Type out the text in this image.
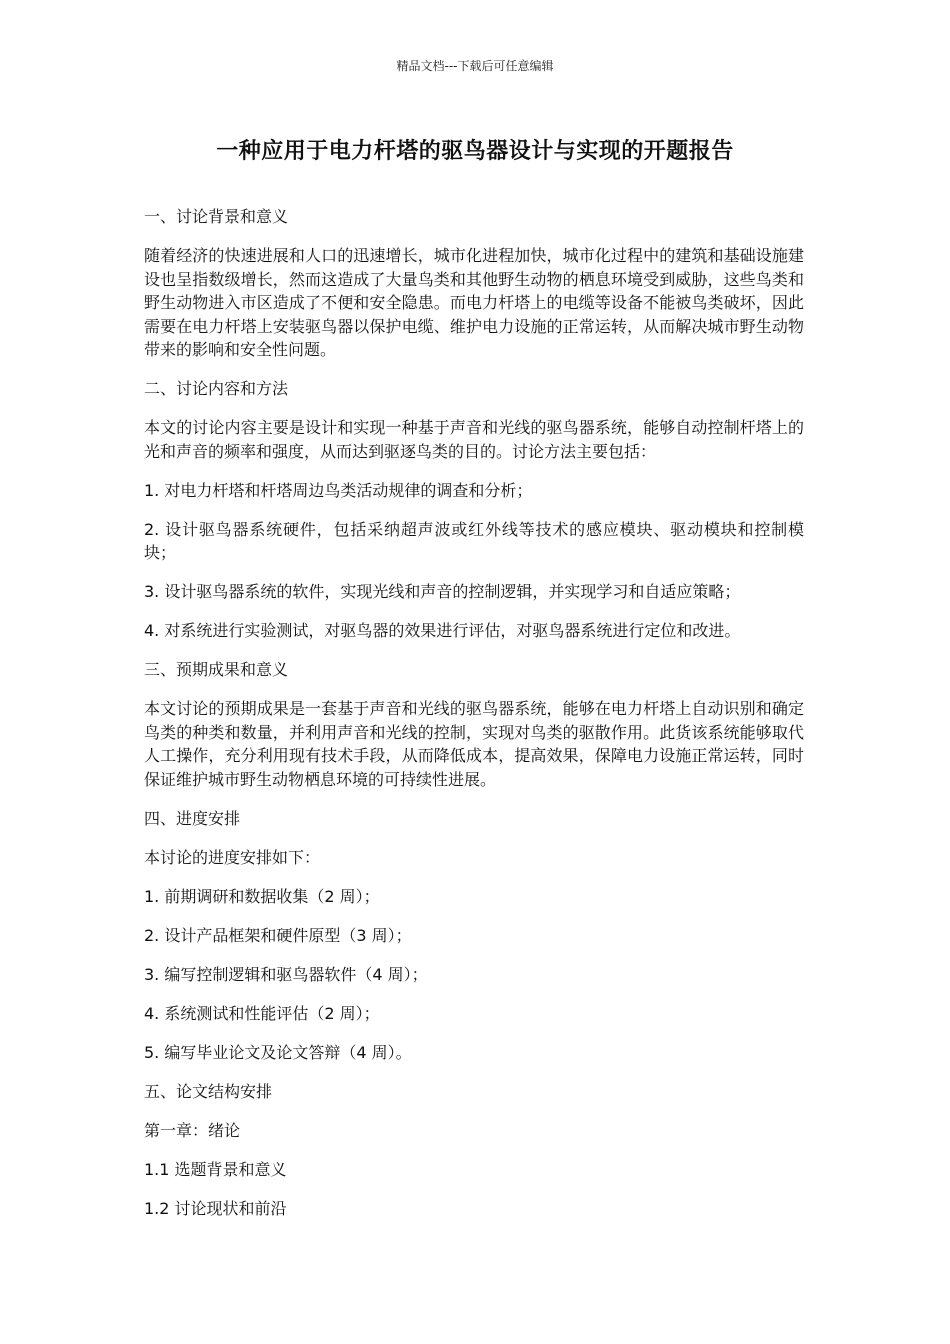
精品文档---下载后可任意编辑
一种应用于电力杆塔的驱鸟器设计与实现的开题报告

一、讨论背景和意义

随着经济的快速进展和人口的迅速增长，城市化进程加快，城市化过程中的建筑和基础设施建设也呈指数级增长，然而这造成了大量鸟类和其他野生动物的栖息环境受到威胁，这些鸟类和野生动物进入市区造成了不便和安全隐患。而电力杆塔上的电缆等设备不能被鸟类破坏，因此需要在电力杆塔上安装驱鸟器以保护电缆、维护电力设施的正常运转，从而解决城市野生动物带来的影响和安全性问题。

二、讨论内容和方法

本文的讨论内容主要是设计和实现一种基于声音和光线的驱鸟器系统，能够自动控制杆塔上的光和声音的频率和强度，从而达到驱逐鸟类的目的。讨论方法主要包括：

1. 对电力杆塔和杆塔周边鸟类活动规律的调查和分析；

2. 设计驱鸟器系统硬件，包括采纳超声波或红外线等技术的感应模块、驱动模块和控制模块；

3. 设计驱鸟器系统的软件，实现光线和声音的控制逻辑，并实现学习和自适应策略；

4. 对系统进行实验测试，对驱鸟器的效果进行评估，对驱鸟器系统进行定位和改进。

三、预期成果和意义

本文讨论的预期成果是一套基于声音和光线的驱鸟器系统，能够在电力杆塔上自动识别和确定鸟类的种类和数量，并利用声音和光线的控制，实现对鸟类的驱散作用。此货该系统能够取代人工操作，充分利用现有技术手段，从而降低成本，提高效果，保障电力设施正常运转，同时保证维护城市野生动物栖息环境的可持续性进展。

四、进度安排

本讨论的进度安排如下：

1. 前期调研和数据收集（2 周）；

2. 设计产品框架和硬件原型（3 周）；

3. 编写控制逻辑和驱鸟器软件（4 周）；

4. 系统测试和性能评估（2 周）；

5. 编写毕业论文及论文答辩（4 周）。

五、论文结构安排

第一章：绪论

1.1 选题背景和意义

1.2 讨论现状和前沿
